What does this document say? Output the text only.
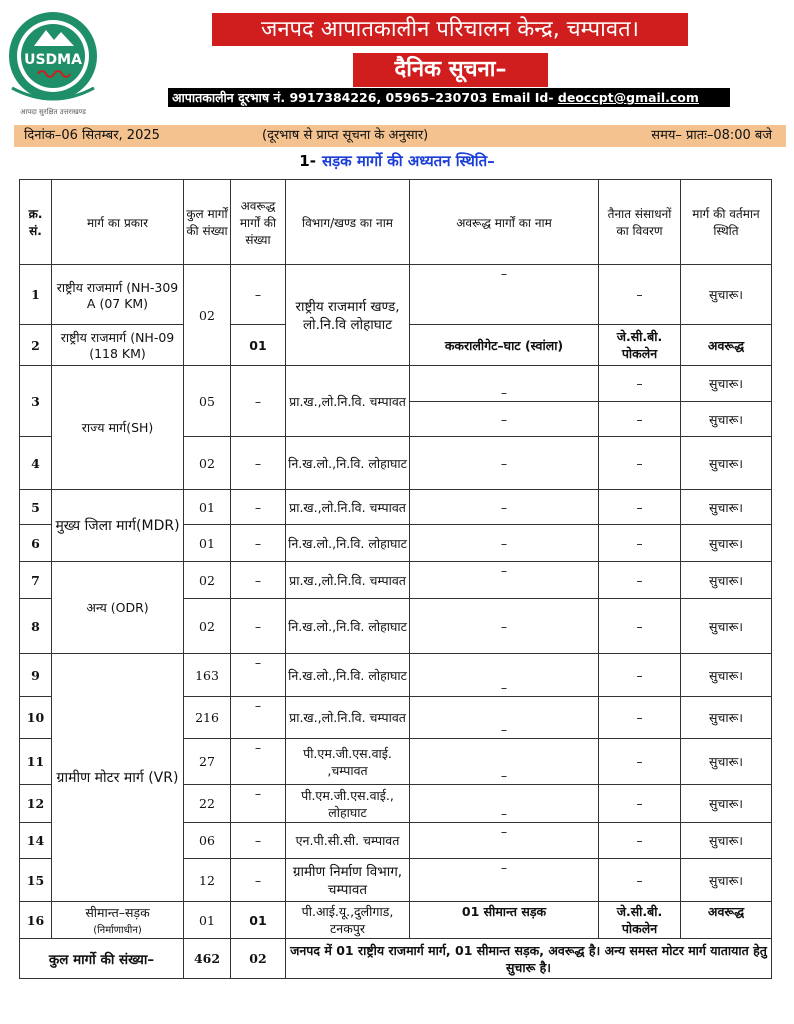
USDMA
आपदा सुरक्षित उत्तराखण्ड
जनपद आपातकालीन परिचालन केन्द्र, चम्पावत।
दैनिक सूचना–
आपातकालीन दूरभाष नं. 9917384226, 05965–230703 Email Id- deoccpt@gmail.com
दिनांक–06 सितम्बर, 2025	(दूरभाष से प्राप्त सूचना के अनुसार)	समय– प्रातः–08:00 बजे
1- सड़क मार्गो की अध्यतन स्थिति–
क्र. सं.	मार्ग का प्रकार	कुल मार्गों की संख्या	अवरूद्ध मार्गों की संख्या	विभाग/खण्ड का नाम	अवरूद्ध मार्गों का नाम	तैनात संसाधनों का विवरण	मार्ग की वर्तमान स्थिति
1	राष्ट्रीय राजमार्ग (NH-309 A (07 KM)	02	–	राष्ट्रीय राजमार्ग खण्ड, लो.नि.वि लोहाघाट	–	–	सुचारू।
2	राष्ट्रीय राजमार्ग (NH-09 (118 KM)		01		ककरालीगेट–घाट (स्वांला)	जे.सी.बी. पोकलेन	अवरूद्ध
3	राज्य मार्ग(SH)	05	–	प्रा.ख.,लो.नि.वि. चम्पावत	–	–	सुचारू।
					–	–	सुचारू।
4		02	–	नि.ख.लो.,नि.वि. लोहाघाट	–	–	सुचारू।
5	मुख्य जिला मार्ग(MDR)	01	–	प्रा.ख.,लो.नि.वि. चम्पावत	–	–	सुचारू।
6		01	–	नि.ख.लो.,नि.वि. लोहाघाट	–	–	सुचारू।
7	अन्य (ODR)	02	–	प्रा.ख.,लो.नि.वि. चम्पावत	–	–	सुचारू।
8		02	–	नि.ख.लो.,नि.वि. लोहाघाट	–	–	सुचारू।
9	ग्रामीण मोटर मार्ग (VR)	163	–	नि.ख.लो.,नि.वि. लोहाघाट	–	–	सुचारू।
10		216	–	प्रा.ख.,लो.नि.वि. चम्पावत	–	–	सुचारू।
11		27	–	पी.एम.जी.एस.वाई. ,चम्पावत	–	–	सुचारू।
12		22	–	पी.एम.जी.एस.वाई., लोहाघाट	–	–	सुचारू।
14		06	–	एन.पी.सी.सी. चम्पावत	–	–	सुचारू।
15		12	–	ग्रामीण निर्माण विभाग, चम्पावत	–	–	सुचारू।
16	सीमान्त–सड़क
(निर्माणाधीन)	01	01	पी.आई.यू.,दुलीगाड, टनकपुर	01 सीमान्त सड़क	जे.सी.बी. पोकलेन	अवरूद्ध
कुल मार्गो की संख्या–		462	02	जनपद में 01 राष्ट्रीय राजमार्ग मार्ग, 01 सीमान्त सड़क, अवरूद्ध है। अन्य समस्त मोटर मार्ग यातायात हेतु सुचारू है।			
